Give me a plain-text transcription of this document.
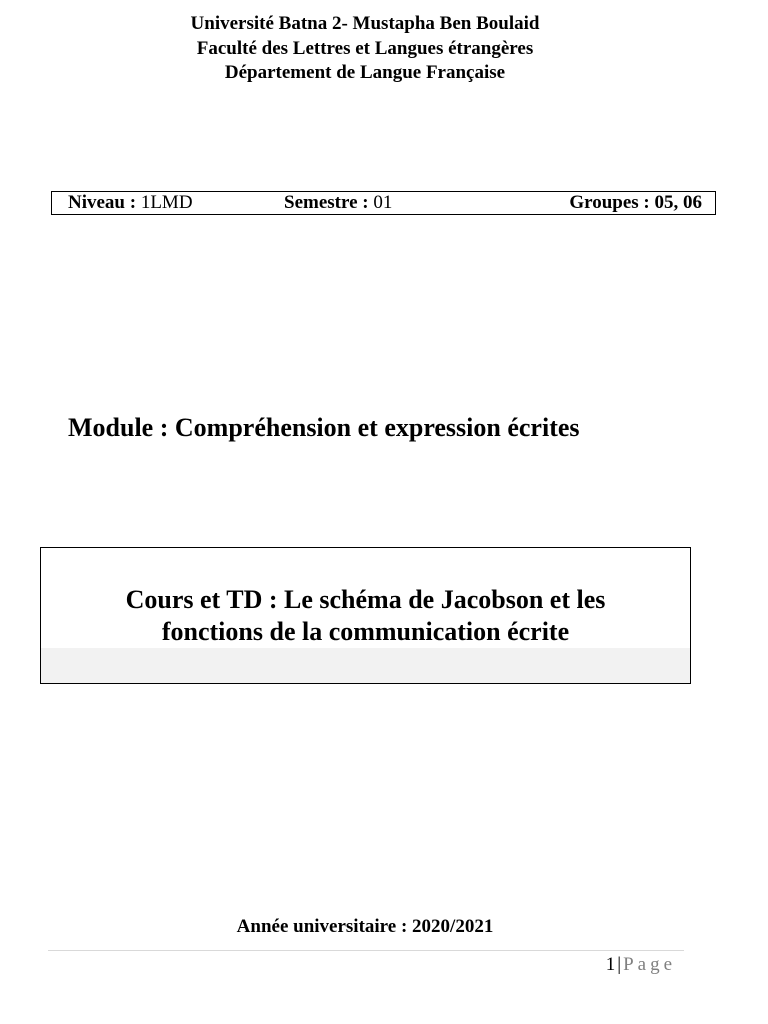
Université Batna 2- Mustapha Ben Boulaid
Faculté des Lettres et Langues étrangères
Département de Langue Française
Niveau : 1LMD	Semestre : 01	Groupes : 05, 06
Module : Compréhension et expression écrites
Cours et TD : Le schéma de Jacobson et les
fonctions de la communication écrite
Année universitaire : 2020/2021
1 | Page
